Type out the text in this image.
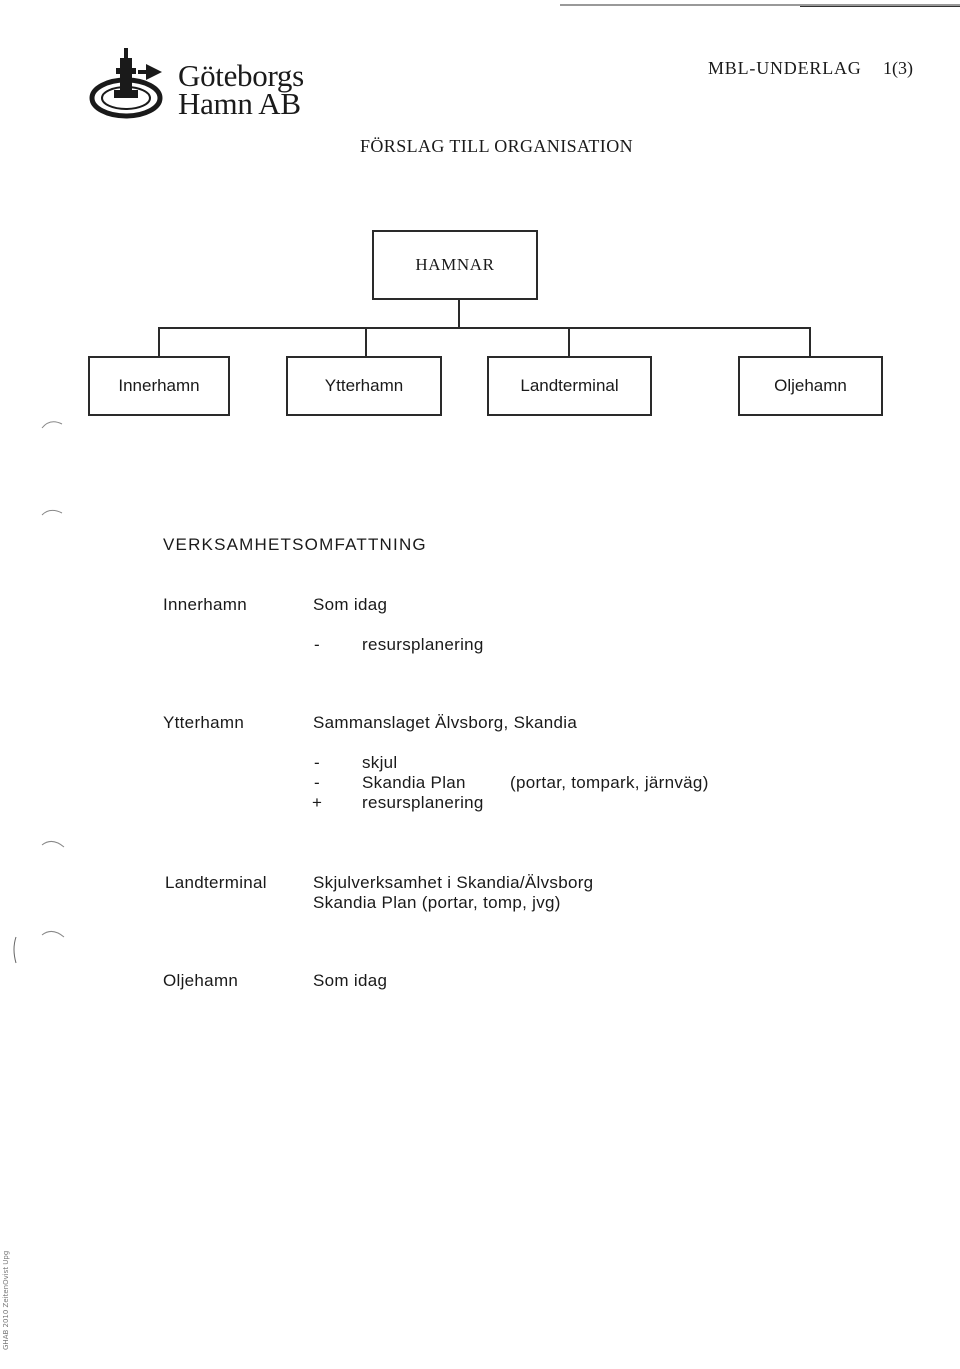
Göteborgs
Hamn AB
MBL-UNDERLAG 1(3)
FÖRSLAG TILL ORGANISATION
HAMNAR
Innerhamn	Ytterhamn	Landterminal	Oljehamn
VERKSAMHETSOMFATTNING
Innerhamn	Som idag
- resursplanering
Ytterhamn	Sammanslaget Älvsborg, Skandia
- skjul
- Skandia Plan	(portar, tompark, järnväg)
+ resursplanering
Landterminal	Skjulverksamhet i Skandia/Älvsborg
Skandia Plan (portar, tomp, jvg)
Oljehamn	Som idag
GHAB 2010 ZeitenOvist Upg
